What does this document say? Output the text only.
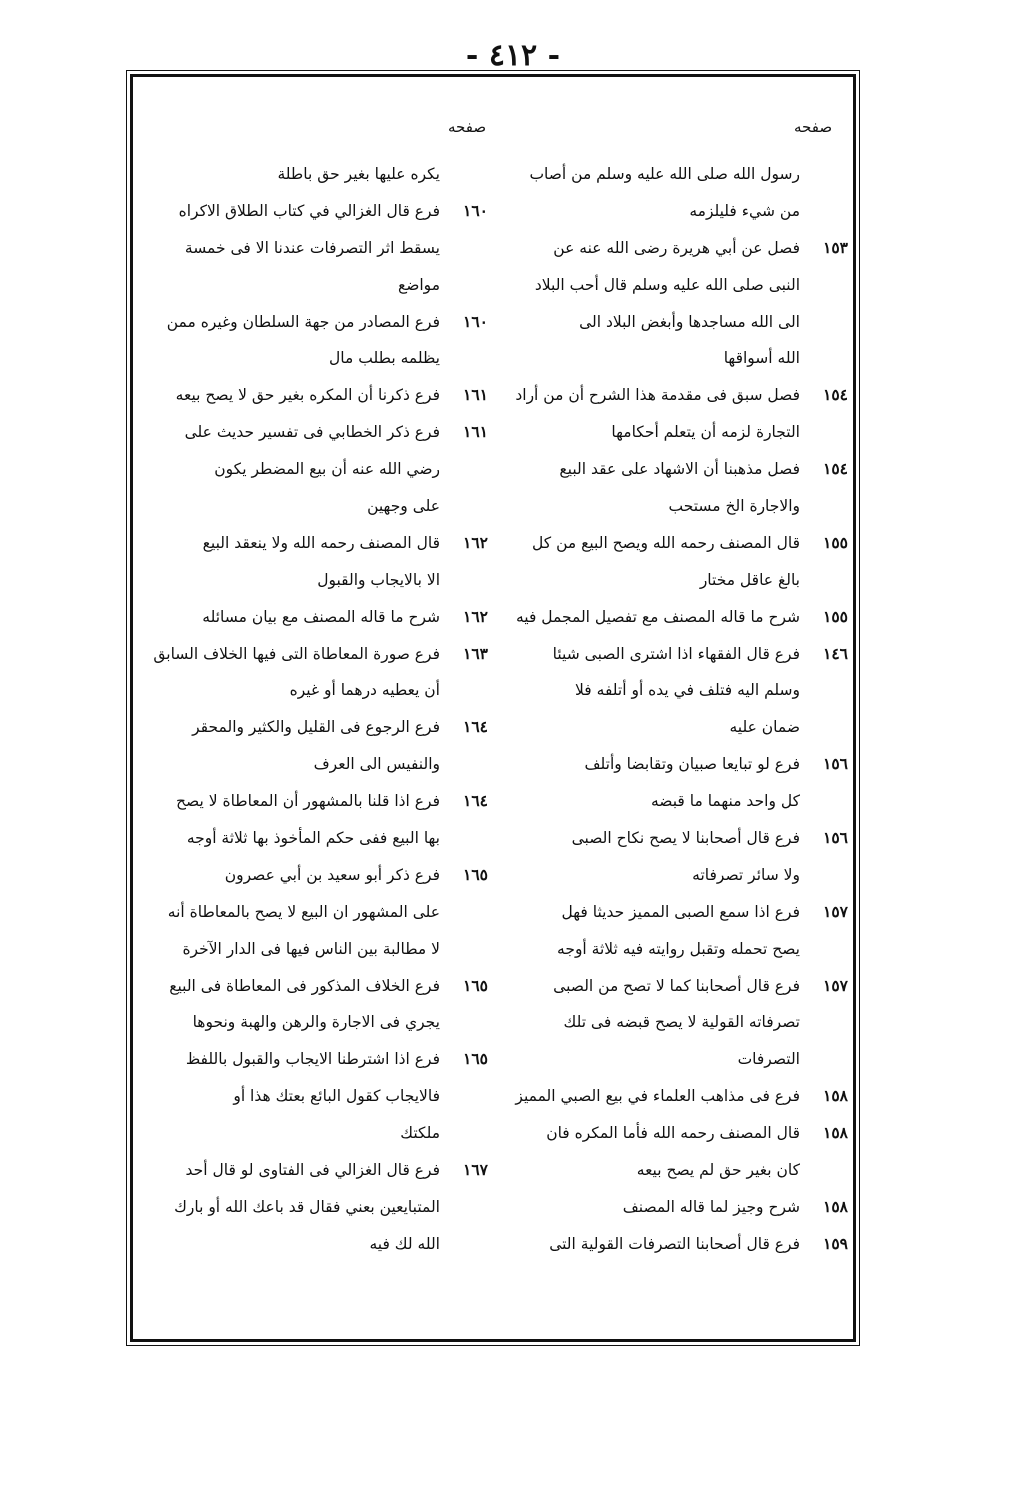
- ٤١٢ -
صفحه
صفحه
رسول الله صلى الله عليه وسلم من أصاب
من شيء فليلزمه
١٥٣
فصل عن أبي هريرة رضى الله عنه عن
النبى صلى الله عليه وسلم قال أحب البلاد
الى الله مساجدها وأبغض البلاد الى
الله أسواقها
١٥٤
فصل سبق فى مقدمة هذا الشرح أن من أراد
التجارة لزمه أن يتعلم أحكامها
١٥٤
فصل مذهبنا أن الاشهاد على عقد البيع
والاجارة الخ مستحب
١٥٥
قال المصنف رحمه الله ويصح البيع من كل
بالغ عاقل مختار
١٥٥
شرح ما قاله المصنف مع تفصيل المجمل فيه
١٤٦
فرع قال الفقهاء اذا اشترى الصبى شيئا
وسلم اليه فتلف في يده أو أتلفه فلا
ضمان عليه
١٥٦
فرع لو تبايعا صبيان وتقابضا وأتلف
كل واحد منهما ما قبضه
١٥٦
فرع قال أصحابنا لا يصح نكاح الصبى
ولا سائر تصرفاته
١٥٧
فرع اذا سمع الصبى المميز حديثا فهل
يصح تحمله وتقبل روايته فيه ثلاثة أوجه
١٥٧
فرع قال أصحابنا كما لا تصح من الصبى
تصرفاته القولية لا يصح قبضه فى تلك
التصرفات
١٥٨
فرع فى مذاهب العلماء في بيع الصبي المميز
١٥٨
قال المصنف رحمه الله فأما المكره فان
كان بغير حق لم يصح بيعه
١٥٨
شرح وجيز لما قاله المصنف
١٥٩
فرع قال أصحابنا التصرفات القولية التى
يكره عليها بغير حق باطلة
١٦٠
فرع قال الغزالي في كتاب الطلاق الاكراه
يسقط اثر التصرفات عندنا الا فى خمسة
مواضع
١٦٠
فرع المصادر من جهة السلطان وغيره ممن
يظلمه بطلب مال
١٦١
فرع ذكرنا أن المكره بغير حق لا يصح بيعه
١٦١
فرع ذكر الخطابي فى تفسير حديث على
رضي الله عنه أن بيع المضطر يكون
على وجهين
١٦٢
قال المصنف رحمه الله ولا ينعقد البيع
الا بالايجاب والقبول
١٦٢
شرح ما قاله المصنف مع بيان مسائله
١٦٣
فرع صورة المعاطاة التى فيها الخلاف السابق
أن يعطيه درهما أو غيره
١٦٤
فرع الرجوع فى القليل والكثير والمحقر
والنفيس الى العرف
١٦٤
فرع اذا قلنا بالمشهور أن المعاطاة لا يصح
بها البيع ففى حكم المأخوذ بها ثلاثة أوجه
١٦٥
فرع ذكر أبو سعيد بن أبي عصرون
على المشهور ان البيع لا يصح بالمعاطاة أنه
لا مطالبة بين الناس فيها فى الدار الآخرة
١٦٥
فرع الخلاف المذكور فى المعاطاة فى البيع
يجري فى الاجارة والرهن والهبة ونحوها
١٦٥
فرع اذا اشترطنا الايجاب والقبول باللفظ
فالايجاب كقول البائع بعتك هذا أو
ملكتك
١٦٧
فرع قال الغزالي فى الفتاوى لو قال أحد
المتبايعين بعني فقال قد باعك الله أو بارك
الله لك فيه
